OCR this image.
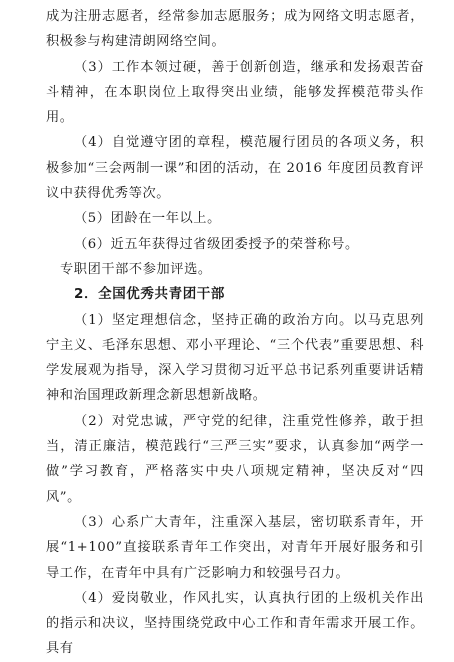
成为注册志愿者，经常参加志愿服务；成为网络文明志愿者，积极参与构建清朗网络空间。

（3）工作本领过硬，善于创新创造，继承和发扬艰苦奋斗精神，在本职岗位上取得突出业绩，能够发挥模范带头作用。

（4）自觉遵守团的章程，模范履行团员的各项义务，积极参加“三会两制一课”和团的活动，在 2016 年度团员教育评议中获得优秀等次。

（5）团龄在一年以上。

（6）近五年获得过省级团委授予的荣誉称号。

专职团干部不参加评选。

2．全国优秀共青团干部

（1）坚定理想信念，坚持正确的政治方向。以马克思列宁主义、毛泽东思想、邓小平理论、“三个代表”重要思想、科学发展观为指导，深入学习贯彻习近平总书记系列重要讲话精神和治国理政新理念新思想新战略。

（2）对党忠诚，严守党的纪律，注重党性修养，敢于担当，清正廉洁，模范践行“三严三实”要求，认真参加“两学一做”学习教育，严格落实中央八项规定精神，坚决反对“四风”。

（3）心系广大青年，注重深入基层，密切联系青年，开展“1+100”直接联系青年工作突出，对青年开展好服务和引导工作，在青年中具有广泛影响力和较强号召力。

（4）爱岗敬业，作风扎实，认真执行团的上级机关作出的指示和决议，坚持围绕党政中心工作和青年需求开展工作。具有
